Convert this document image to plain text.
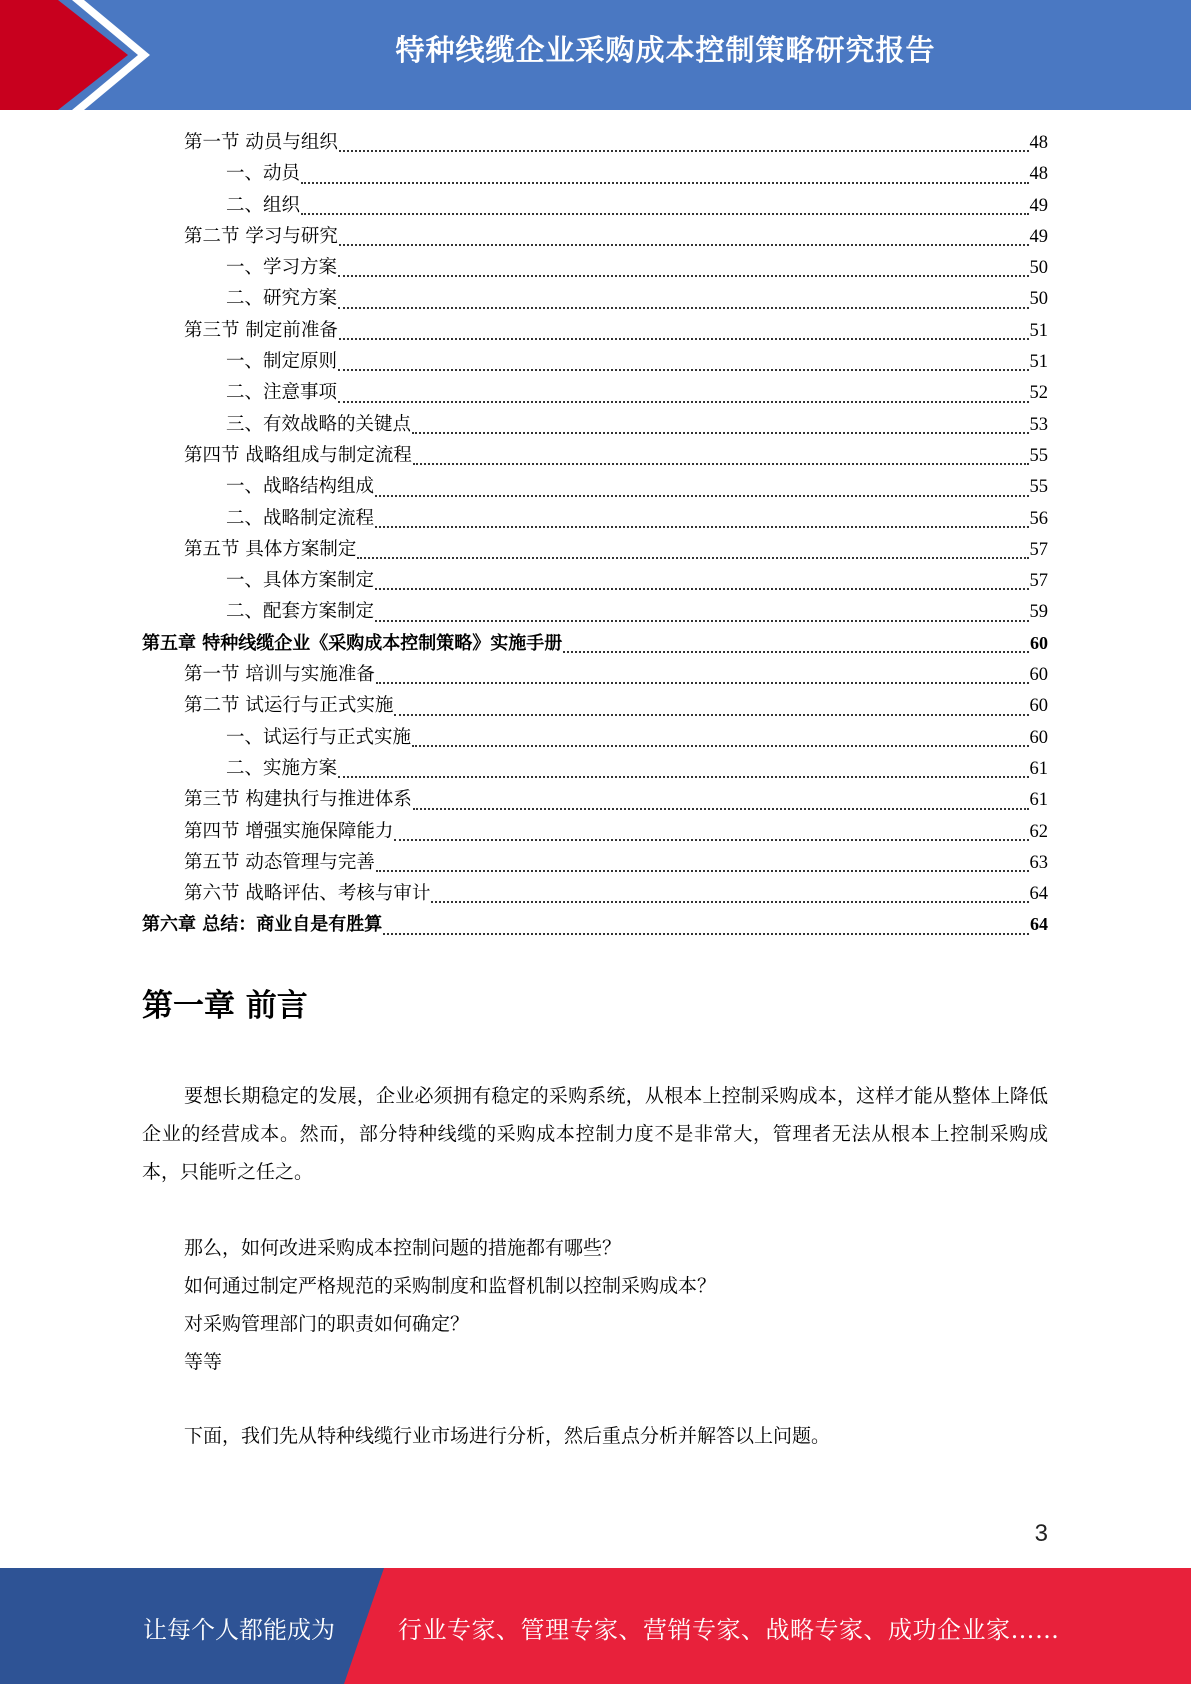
特种线缆企业采购成本控制策略研究报告
第一节 动员与组织	48
一、动员	48
二、组织	49
第二节 学习与研究	49
一、学习方案	50
二、研究方案	50
第三节 制定前准备	51
一、制定原则	51
二、注意事项	52
三、有效战略的关键点	53
第四节 战略组成与制定流程	55
一、战略结构组成	55
二、战略制定流程	56
第五节 具体方案制定	57
一、具体方案制定	57
二、配套方案制定	59
第五章 特种线缆企业《采购成本控制策略》实施手册	60
第一节 培训与实施准备	60
第二节 试运行与正式实施	60
一、试运行与正式实施	60
二、实施方案	61
第三节 构建执行与推进体系	61
第四节 增强实施保障能力	62
第五节 动态管理与完善	63
第六节 战略评估、考核与审计	64
第六章 总结：商业自是有胜算	64
第一章 前言

要想长期稳定的发展，企业必须拥有稳定的采购系统，从根本上控制采购成本，这样才能从整体上降低企业的经营成本。然而，部分特种线缆的采购成本控制力度不是非常大，管理者无法从根本上控制采购成本，只能听之任之。

那么，如何改进采购成本控制问题的措施都有哪些？

如何通过制定严格规范的采购制度和监督机制以控制采购成本？

对采购管理部门的职责如何确定？

等等

下面，我们先从特种线缆行业市场进行分析，然后重点分析并解答以上问题。

3
让每个人都能成为	行业专家、管理专家、营销专家、战略专家、成功企业家……
